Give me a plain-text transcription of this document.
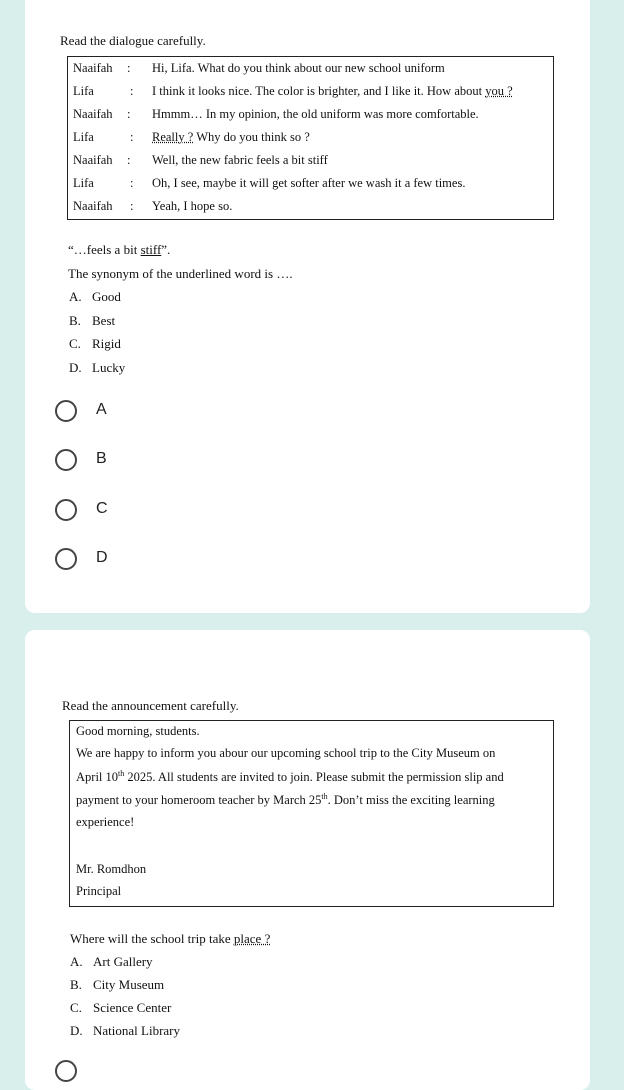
Read the dialogue carefully.
Naaifah : Hi, Lifa. What do you think about our new school uniform
Lifa	: I think it looks nice. The color is brighter, and I like it. How about you ?
Naaifah : Hmmm… In my opinion, the old uniform was more comfortable.
Lifa	: Really ? Why do you think so ?
Naaifah : Well, the new fabric feels a bit stiff
Lifa	: Oh, I see, maybe it will get softer after we wash it a few times.
Naaifah : Yeah, I hope so.
“…feels a bit stiff”.
The synonym of the underlined word is ….
A. Good
B. Best
C. Rigid
D. Lucky
A
B
C
D
Read the announcement carefully.
Good morning, students.
We are happy to inform you abour our upcoming school trip to the City Museum on
April 10th 2025. All students are invited to join. Please submit the permission slip and
payment to your homeroom teacher by March 25th. Don’t miss the exciting learning
experience!
Mr. Romdhon
Principal
Where will the school trip take place ?
A. Art Gallery
B. City Museum
C. Science Center
D. National Library
